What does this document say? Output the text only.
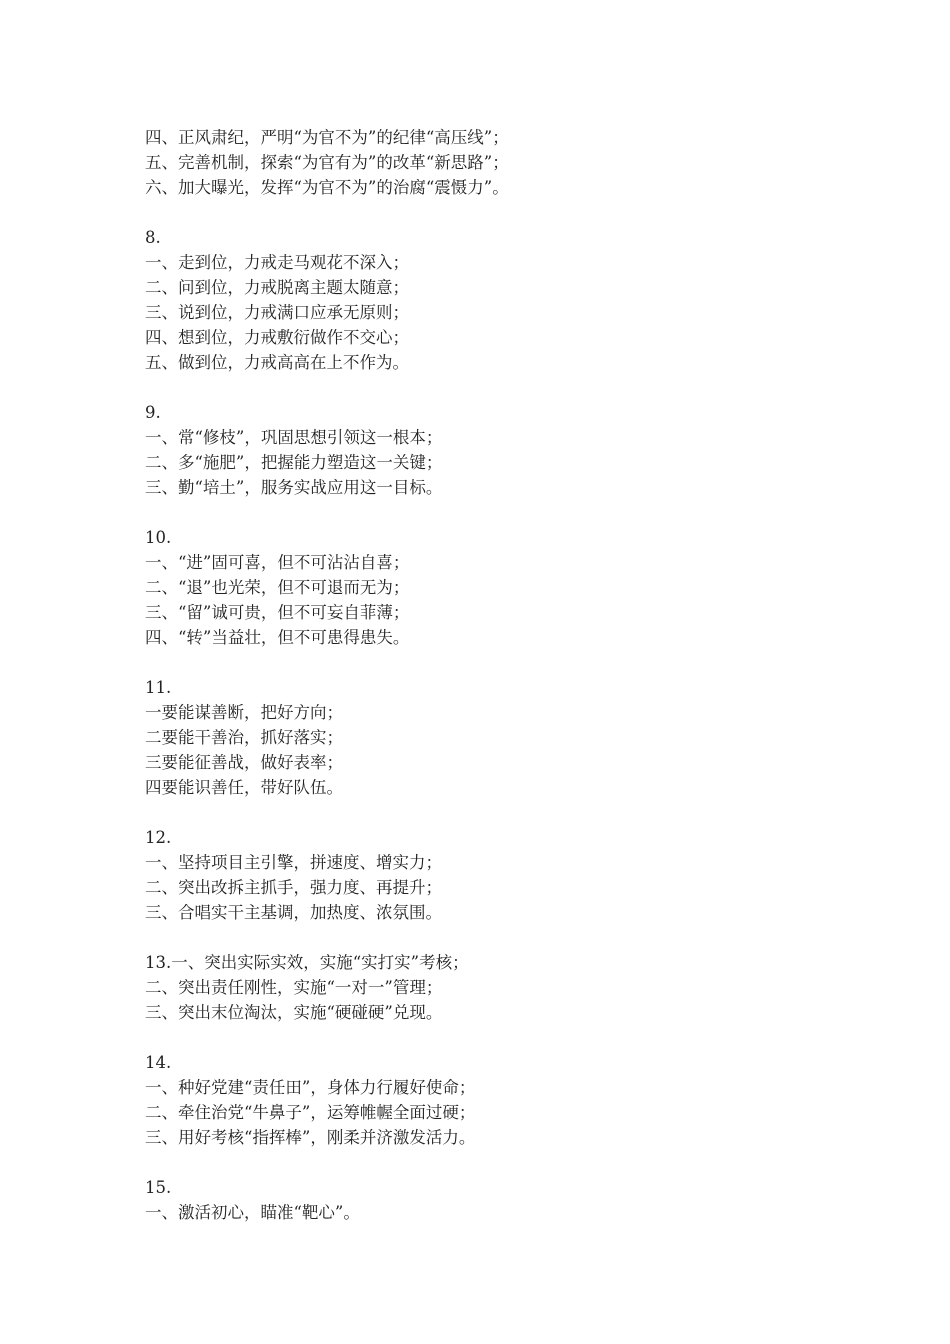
四、正风肃纪，严明“为官不为”的纪律“高压线”；
五、完善机制，探索“为官有为”的改革“新思路”；
六、加大曝光，发挥“为官不为”的治腐“震慑力”。
8.
一、走到位，力戒走马观花不深入；
二、问到位，力戒脱离主题太随意；
三、说到位，力戒满口应承无原则；
四、想到位，力戒敷衍做作不交心；
五、做到位，力戒高高在上不作为。
9.
一、常“修枝”，巩固思想引领这一根本；
二、多“施肥”，把握能力塑造这一关键；
三、勤“培土”，服务实战应用这一目标。
10.
一、“进”固可喜，但不可沾沾自喜；
二、“退”也光荣，但不可退而无为；
三、“留”诚可贵，但不可妄自菲薄；
四、“转”当益壮，但不可患得患失。
11.
一要能谋善断，把好方向；
二要能干善治，抓好落实；
三要能征善战，做好表率；
四要能识善任，带好队伍。
12.
一、坚持项目主引擎，拼速度、增实力；
二、突出改拆主抓手，强力度、再提升；
三、合唱实干主基调，加热度、浓氛围。
13.一、突出实际实效，实施“实打实”考核；
二、突出责任刚性，实施“一对一”管理；
三、突出末位淘汰，实施“硬碰硬”兑现。
14.
一、种好党建“责任田”，身体力行履好使命；
二、牵住治党“牛鼻子”，运筹帷幄全面过硬；
三、用好考核“指挥棒”，刚柔并济激发活力。
15.
一、激活初心，瞄准“靶心”。
